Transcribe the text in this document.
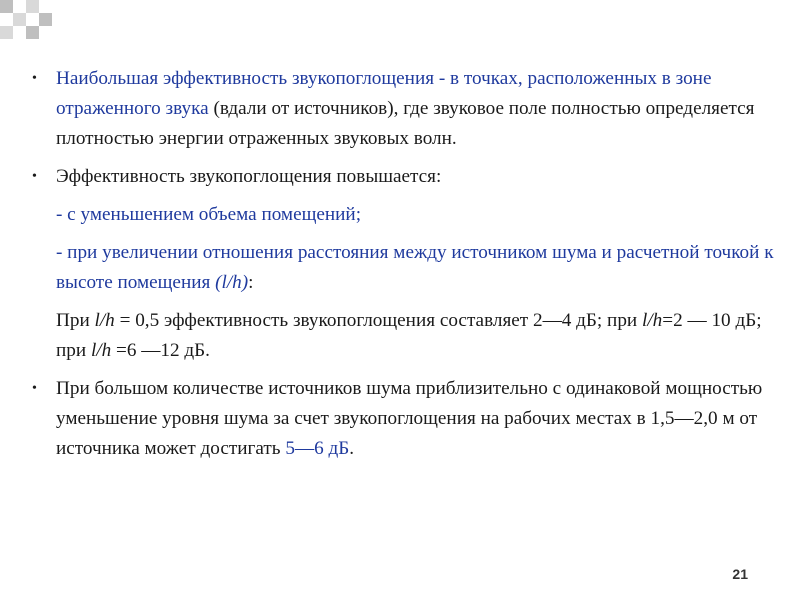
• Наибольшая эффективность звукопоглощения - в точках, расположенных в зоне отраженного звука (вдали от источников), где звуковое поле полностью определяется плотностью энергии отраженных звуковых волн.
• Эффективность звукопоглощения повышается:
- с уменьшением объема помещений;
- при увеличении отношения расстояния между источником шума и расчетной точкой к высоте помещения (l/h):
При l/h = 0,5 эффективность звукопоглощения составляет 2—4 дБ; при l/h=2 — 10 дБ; при l/h =6 —12 дБ.
• При большом количестве источников шума приблизительно с одинаковой мощностью уменьшение уровня шума за счет звукопоглощения на рабочих местах в 1,5—2,0 м от источника может достигать 5—6 дБ.
21
